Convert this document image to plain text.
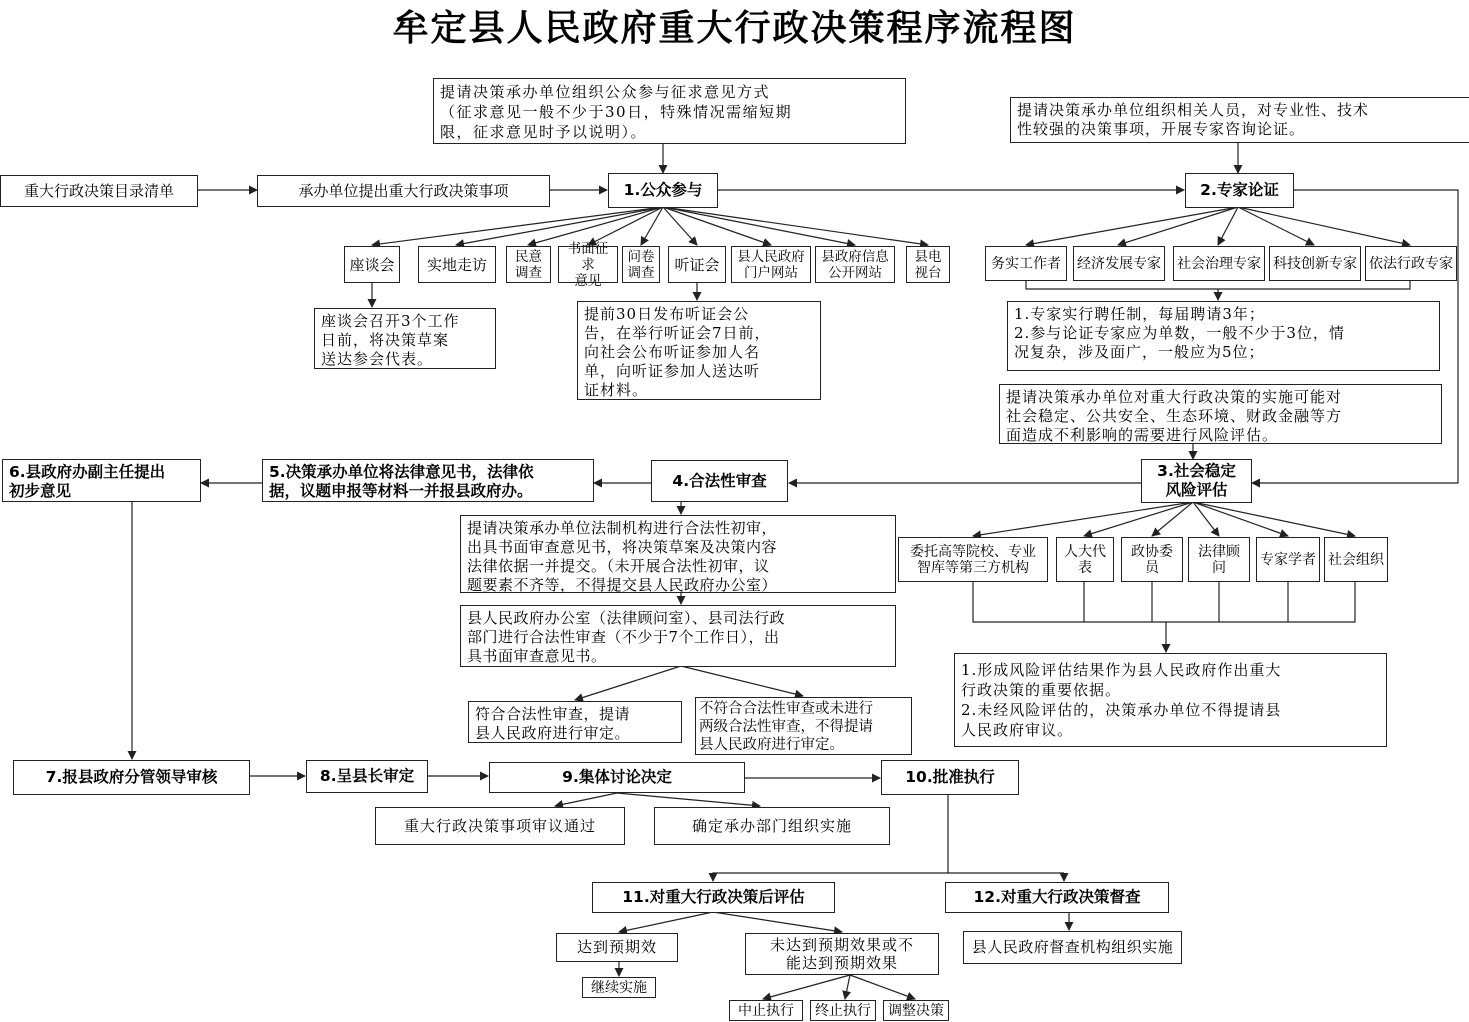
牟定县人民政府重大行政决策程序流程图
提请决策承办单位组织公众参与征求意见方式
（征求意见一般不少于30日，特殊情况需缩短期
限，征求意见时予以说明）。
提请决策承办单位组织相关人员，对专业性、技术
性较强的决策事项，开展专家咨询论证。
重大行政决策目录清单	承办单位提出重大行政决策事项	1.公众参与	2.专家论证
座谈会	实地走访	民意
调查
书面征求
意见
问卷
调查	听证会	县人民政府
门户网站
县政府信息
公开网站
县电
视台
座谈会召开3个工作
日前，将决策草案
送达参会代表。
提前30日发布听证会公
告，在举行听证会7日前，
向社会公布听证参加人名
单，向听证参加人送达听
证材料。
务实工作者	经济发展专家 社会治理专家 科技创新专家 依法行政专家
1.专家实行聘任制，每届聘请3年；
2.参与论证专家应为单数，一般不少于3位，情
况复杂，涉及面广，一般应为5位；
提请决策承办单位对重大行政决策的实施可能对
社会稳定、公共安全、生态环境、财政金融等方
面造成不利影响的需要进行风险评估。
6.县政府办副主任提出
初步意见
5.决策承办单位将法律意见书，法律依
据，议题申报等材料一并报县政府办。
4.合法性审查
3.社会稳定
风险评估
提请决策承办单位法制机构进行合法性初审，
出具书面审查意见书，将决策草案及决策内容
法律依据一并提交。（未开展合法性初审，议
题要素不齐等，不得提交县人民政府办公室）
县人民政府办公室（法律顾问室）、县司法行政
部门进行合法性审查（不少于7个工作日），出
具书面审查意见书。
符合合法性审查，提请
县人民政府进行审定。
不符合合法性审查或未进行
两级合法性审查，不得提请
县人民政府进行审定。
委托高等院校、专业
智库等第三方机构
人大代表
政协委员
法律顾问	专家学者 社会组织
1.形成风险评估结果作为县人民政府作出重大
行政决策的重要依据。
2.未经风险评估的，决策承办单位不得提请县
人民政府审议。
7.报县政府分管领导审核	8.呈县长审定	9.集体讨论决定	10.批准执行
重大行政决策事项审议通过	确定承办部门组织实施
11.对重大行政决策后评估	12.对重大行政决策督查
达到预期效	未达到预期效果或不
能达到预期效果
继续实施
中止执行	终止执行	调整决策
县人民政府督查机构组织实施
